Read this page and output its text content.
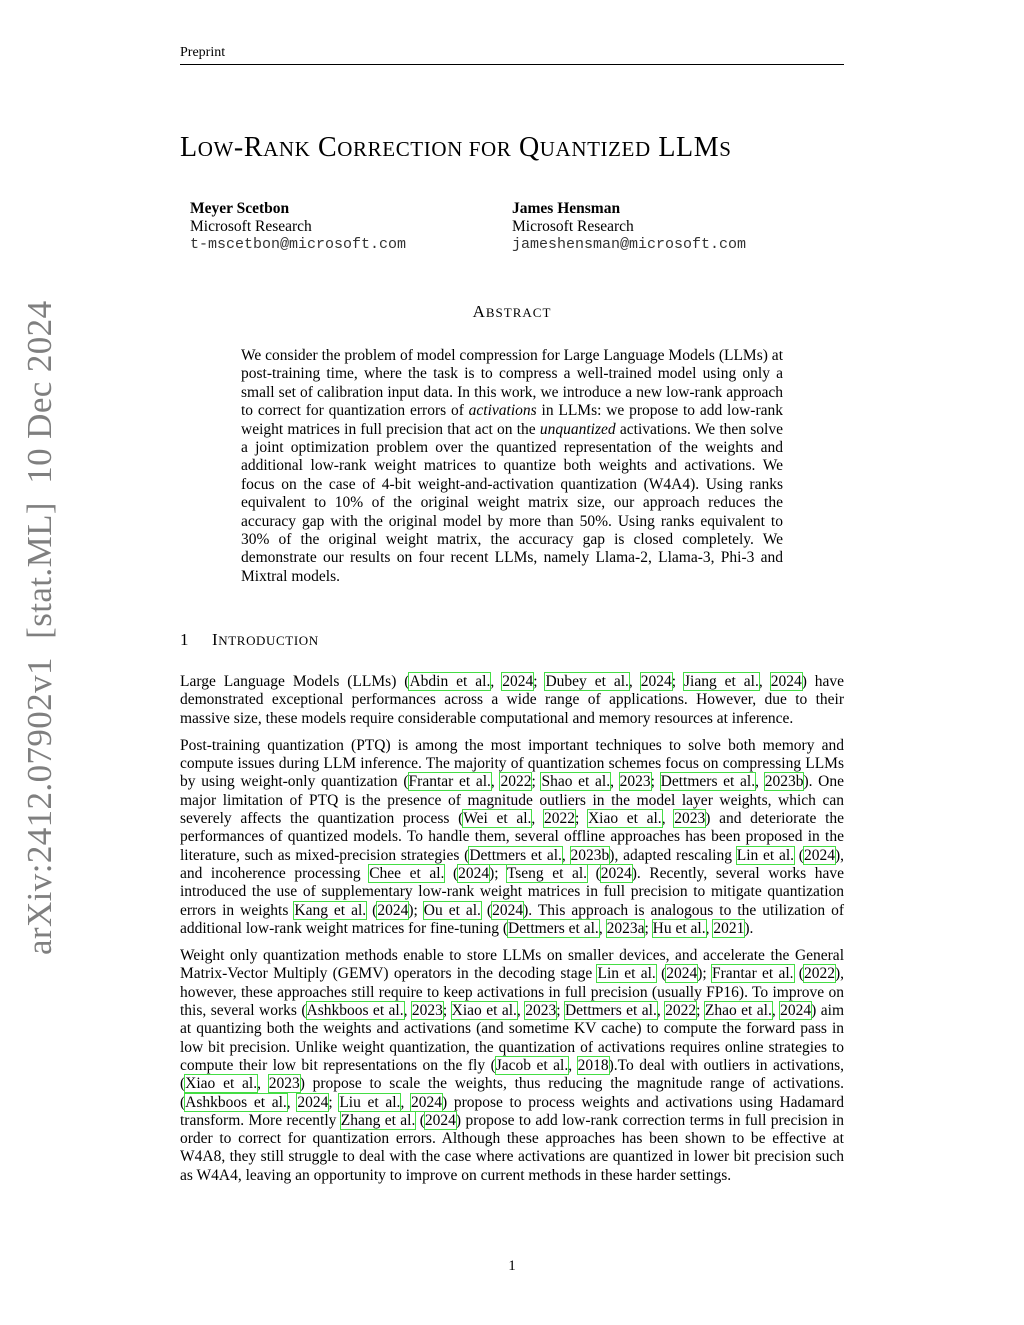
Preprint
LOW-RANK CORRECTION FOR QUANTIZED LLMS
Meyer Scetbon
Microsoft Research
t-mscetbon@microsoft.com
James Hensman
Microsoft Research
jameshensman@microsoft.com
ABSTRACT
We consider the problem of model compression for Large Language Models (LLMs) at post-training time, where the task is to compress a well-trained model using only a small set of calibration input data. In this work, we introduce a new low-rank approach to correct for quantization errors of activations in LLMs: we propose to add low-rank weight matrices in full precision that act on the unquantized activations. We then solve a joint optimization problem over the quantized representation of the weights and additional low-rank weight matrices to quantize both weights and activations. We focus on the case of 4-bit weight-and-activation quantization (W4A4). Using ranks equivalent to 10% of the original weight matrix size, our approach reduces the accuracy gap with the original model by more than 50%. Using ranks equivalent to 30% of the original weight matrix, the accuracy gap is closed completely. We demonstrate our results on four recent LLMs, namely Llama-2, Llama-3, Phi-3 and Mixtral models.
1 INTRODUCTION

Large Language Models (LLMs) (Abdin et al., 2024; Dubey et al., 2024; Jiang et al., 2024) have demonstrated exceptional performances across a wide range of applications. However, due to their massive size, these models require considerable computational and memory resources at inference.

Post-training quantization (PTQ) is among the most important techniques to solve both memory and compute issues during LLM inference. The majority of quantization schemes focus on compressing LLMs by using weight-only quantization (Frantar et al., 2022; Shao et al., 2023; Dettmers et al., 2023b). One major limitation of PTQ is the presence of magnitude outliers in the model layer weights, which can severely affects the quantization process (Wei et al., 2022; Xiao et al., 2023) and deteriorate the performances of quantized models. To handle them, several offline approaches has been proposed in the literature, such as mixed-precision strategies (Dettmers et al., 2023b), adapted rescaling Lin et al. (2024), and incoherence processing Chee et al. (2024); Tseng et al. (2024). Recently, several works have introduced the use of supplementary low-rank weight matrices in full precision to mitigate quantization errors in weights Kang et al. (2024); Ou et al. (2024). This approach is analogous to the utilization of additional low-rank weight matrices for fine-tuning (Dettmers et al., 2023a; Hu et al., 2021).

Weight only quantization methods enable to store LLMs on smaller devices, and accelerate the General Matrix-Vector Multiply (GEMV) operators in the decoding stage Lin et al. (2024); Frantar et al. (2022), however, these approaches still require to keep activations in full precision (usually FP16). To improve on this, several works (Ashkboos et al., 2023; Xiao et al., 2023; Dettmers et al., 2022; Zhao et al., 2024) aim at quantizing both the weights and activations (and sometime KV cache) to compute the forward pass in low bit precision. Unlike weight quantization, the quantization of activations requires online strategies to compute their low bit representations on the fly (Jacob et al., 2018).To deal with outliers in activations, (Xiao et al., 2023) propose to scale the weights, thus reducing the magnitude range of activations. (Ashkboos et al., 2024; Liu et al., 2024) propose to process weights and activations using Hadamard transform. More recently Zhang et al. (2024) propose to add low-rank correction terms in full precision in order to correct for quantization errors. Although these approaches has been shown to be effective at W4A8, they still struggle to deal with the case where activations are quantized in lower bit precision such as W4A4, leaving an opportunity to improve on current methods in these harder settings.

1
arXiv:2412.07902v1  [stat.ML]  10 Dec 2024
